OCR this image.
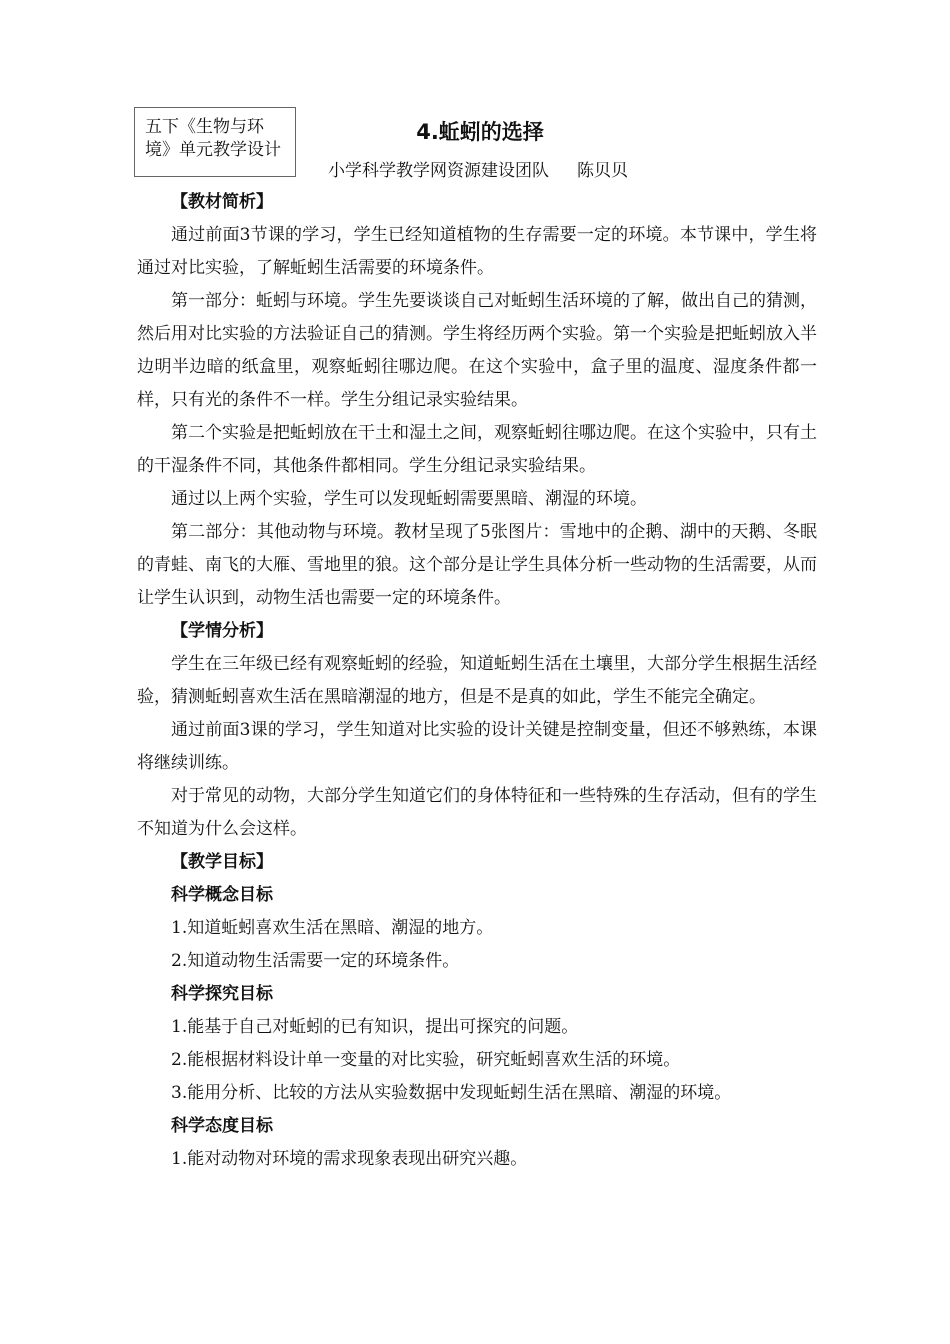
五下《生物与环境》单元教学设计
4.蚯蚓的选择
小学科学教学网资源建设团队 陈贝贝

【教材简析】

通过前面3节课的学习，学生已经知道植物的生存需要一定的环境。本节课中，学生将通过对比实验，了解蚯蚓生活需要的环境条件。

第一部分：蚯蚓与环境。学生先要谈谈自己对蚯蚓生活环境的了解，做出自己的猜测，然后用对比实验的方法验证自己的猜测。学生将经历两个实验。第一个实验是把蚯蚓放入半边明半边暗的纸盒里，观察蚯蚓往哪边爬。在这个实验中，盒子里的温度、湿度条件都一样，只有光的条件不一样。学生分组记录实验结果。

第二个实验是把蚯蚓放在干土和湿土之间，观察蚯蚓往哪边爬。在这个实验中，只有土的干湿条件不同，其他条件都相同。学生分组记录实验结果。

通过以上两个实验，学生可以发现蚯蚓需要黑暗、潮湿的环境。

第二部分：其他动物与环境。教材呈现了5张图片：雪地中的企鹅、湖中的天鹅、冬眠的青蛙、南飞的大雁、雪地里的狼。这个部分是让学生具体分析一些动物的生活需要，从而让学生认识到，动物生活也需要一定的环境条件。

【学情分析】

学生在三年级已经有观察蚯蚓的经验，知道蚯蚓生活在土壤里，大部分学生根据生活经验，猜测蚯蚓喜欢生活在黑暗潮湿的地方，但是不是真的如此，学生不能完全确定。

通过前面3课的学习，学生知道对比实验的设计关键是控制变量，但还不够熟练，本课将继续训练。

对于常见的动物，大部分学生知道它们的身体特征和一些特殊的生存活动，但有的学生不知道为什么会这样。

【教学目标】

科学概念目标

1.知道蚯蚓喜欢生活在黑暗、潮湿的地方。

2.知道动物生活需要一定的环境条件。

科学探究目标

1.能基于自己对蚯蚓的已有知识，提出可探究的问题。

2.能根据材料设计单一变量的对比实验，研究蚯蚓喜欢生活的环境。

3.能用分析、比较的方法从实验数据中发现蚯蚓生活在黑暗、潮湿的环境。

科学态度目标

1.能对动物对环境的需求现象表现出研究兴趣。
